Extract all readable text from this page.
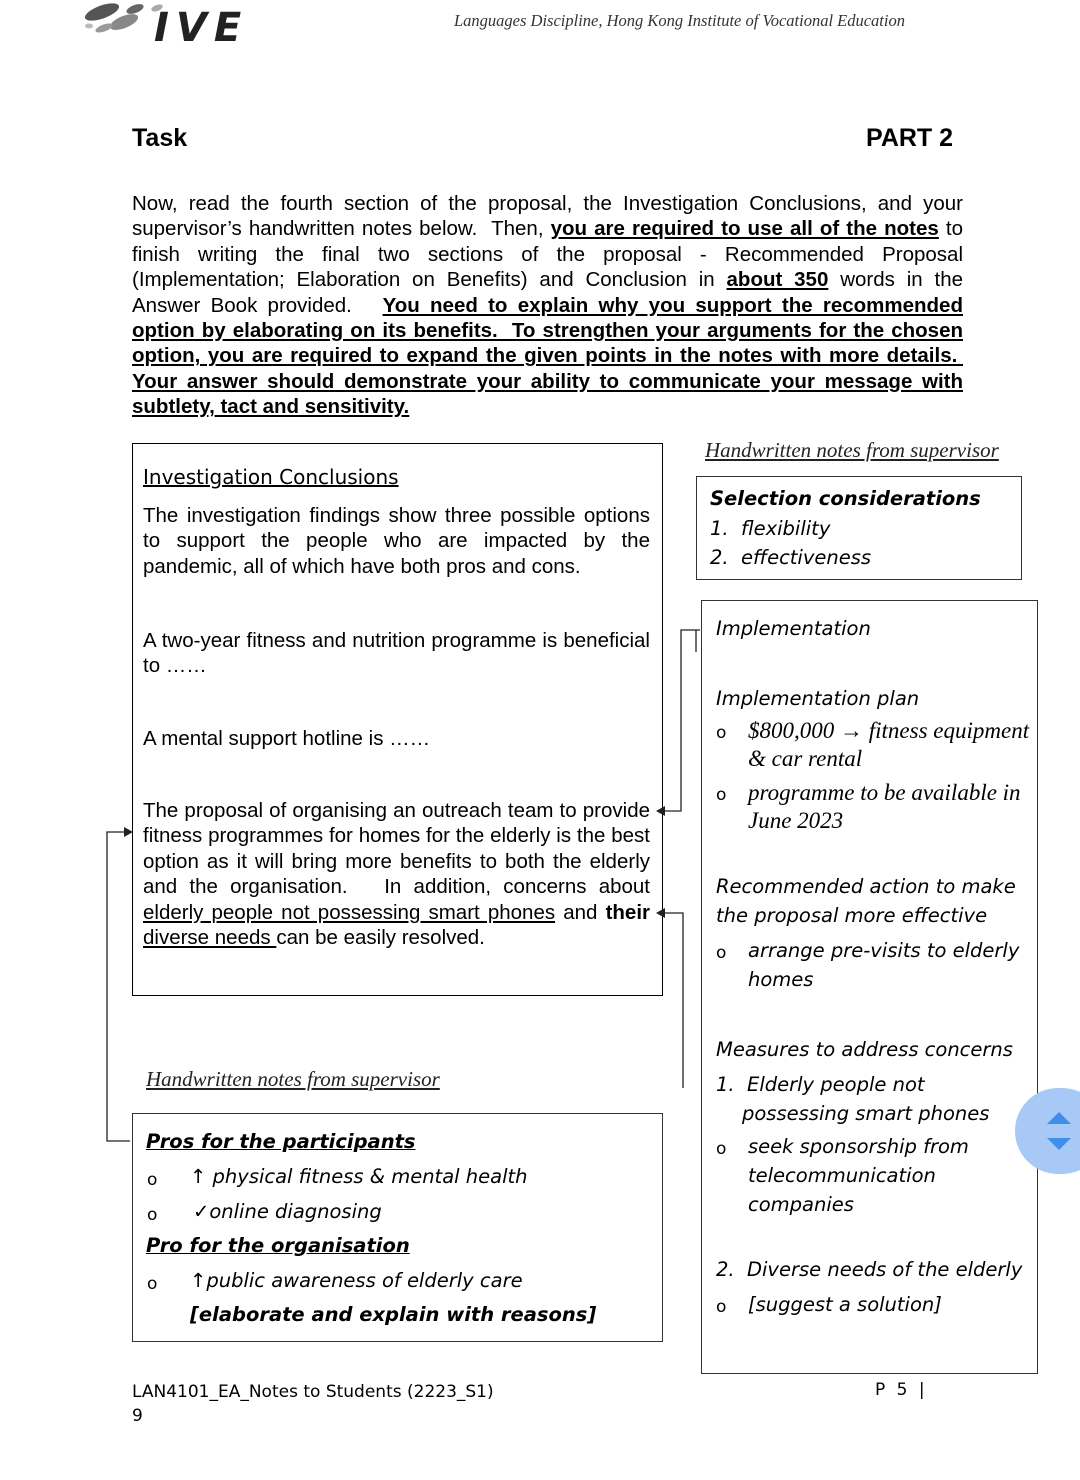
IVE	Languages Discipline, Hong Kong Institute of Vocational Education
Task	PART 2
Now, read the fourth section of the proposal, the Investigation Conclusions, and your supervisor’s handwritten notes below.  Then, you are required to use all of the notes to finish writing the final two sections of the proposal - Recommended Proposal (Implementation; Elaboration on Benefits) and Conclusion in about 350 words in the Answer Book provided.   You need to explain why you support the recommended option by elaborating on its benefits.  To strengthen your arguments for the chosen option, you are required to expand the given points in the notes with more details.  Your answer should demonstrate your ability to communicate your message with subtlety, tact and sensitivity.
Investigation Conclusions
The investigation findings show three possible options to support the people who are impacted by the pandemic, all of which have both pros and cons.
A two-year fitness and nutrition programme is beneficial to ……
A mental support hotline is ……
The proposal of organising an outreach team to provide fitness programmes for homes for the elderly is the best option as it will bring more benefits to both the elderly and the organisation.   In addition, concerns about elderly people not possessing smart phones and their diverse needs can be easily resolved.
Handwritten notes from supervisor
Selection considerations
1.  flexibility
2.  effectiveness
Implementation
Implementation plan
o $800,000 → fitness equipment & car rental
o programme to be available in June 2023
Recommended action to make the proposal more effective
o arrange pre-visits to elderly homes
Measures to address concerns
1.  Elderly people not possessing smart phones
o seek sponsorship from telecommunication companies
2.  Diverse needs of the elderly
o [suggest a solution]
Handwritten notes from supervisor
Pros for the participants
o ↑ physical fitness & mental health
o ✓online diagnosing
Pro for the organisation
o ↑public awareness of elderly care
[elaborate and explain with reasons]
LAN4101_EA_Notes to Students (2223_S1)
9
P 5 |
